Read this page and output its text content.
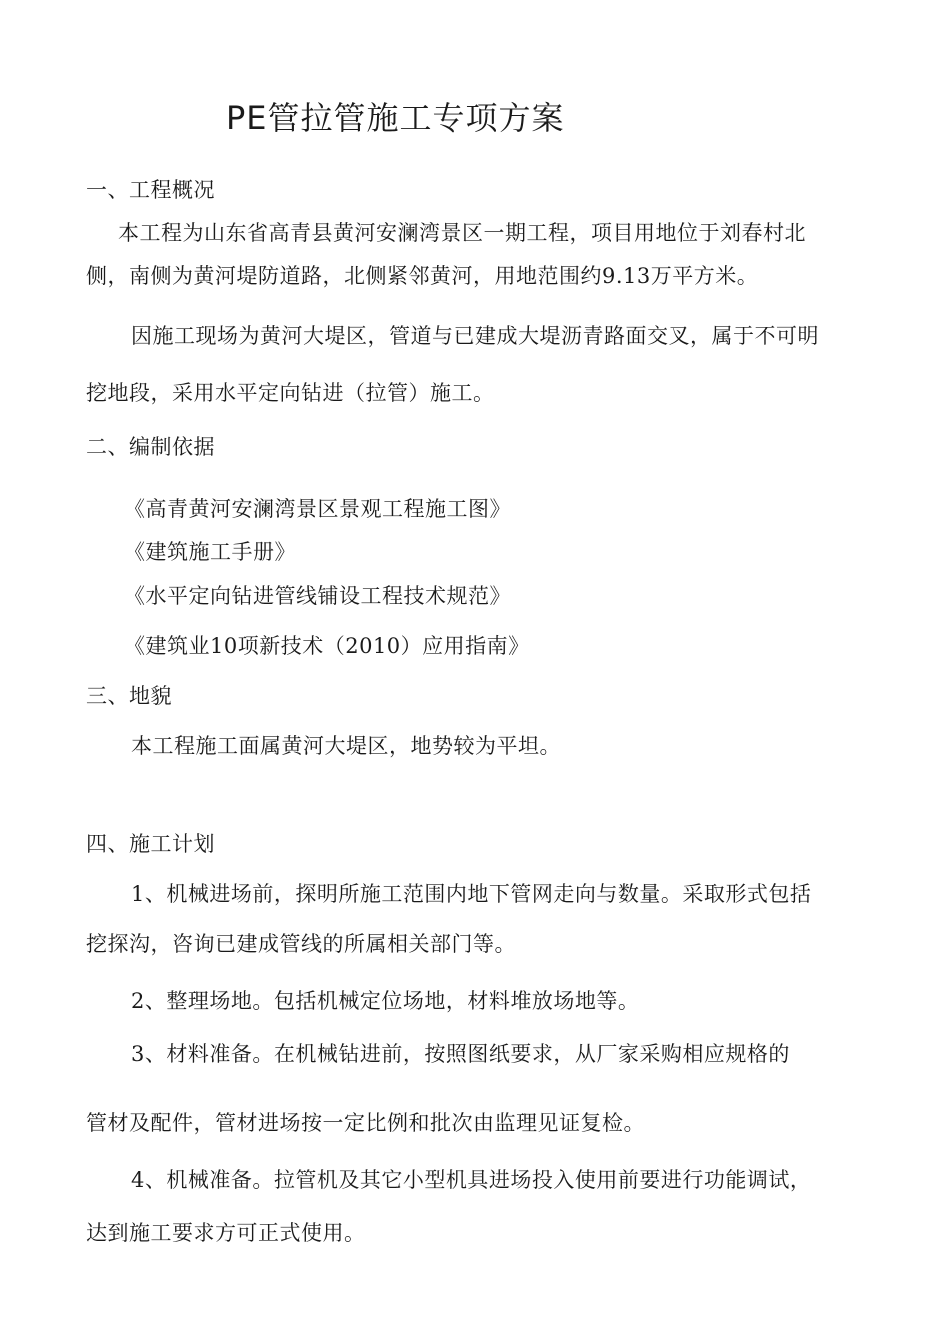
PE管拉管施工专项方案
一、工程概况
本工程为山东省高青县黄河安澜湾景区一期工程，项目用地位于刘春村北
侧，南侧为黄河堤防道路，北侧紧邻黄河，用地范围约9.13万平方米。
因施工现场为黄河大堤区，管道与已建成大堤沥青路面交叉，属于不可明
挖地段，采用水平定向钻进（拉管）施工。
二、编制依据
《高青黄河安澜湾景区景观工程施工图》
《建筑施工手册》
《水平定向钻进管线铺设工程技术规范》
《建筑业10项新技术（2010）应用指南》
三、地貌
本工程施工面属黄河大堤区，地势较为平坦。
四、施工计划
1、机械进场前，探明所施工范围内地下管网走向与数量。采取形式包括
挖探沟，咨询已建成管线的所属相关部门等。
2、整理场地。包括机械定位场地，材料堆放场地等。
3、材料准备。在机械钻进前，按照图纸要求，从厂家采购相应规格的
管材及配件，管材进场按一定比例和批次由监理见证复检。
4、机械准备。拉管机及其它小型机具进场投入使用前要进行功能调试，
达到施工要求方可正式使用。
